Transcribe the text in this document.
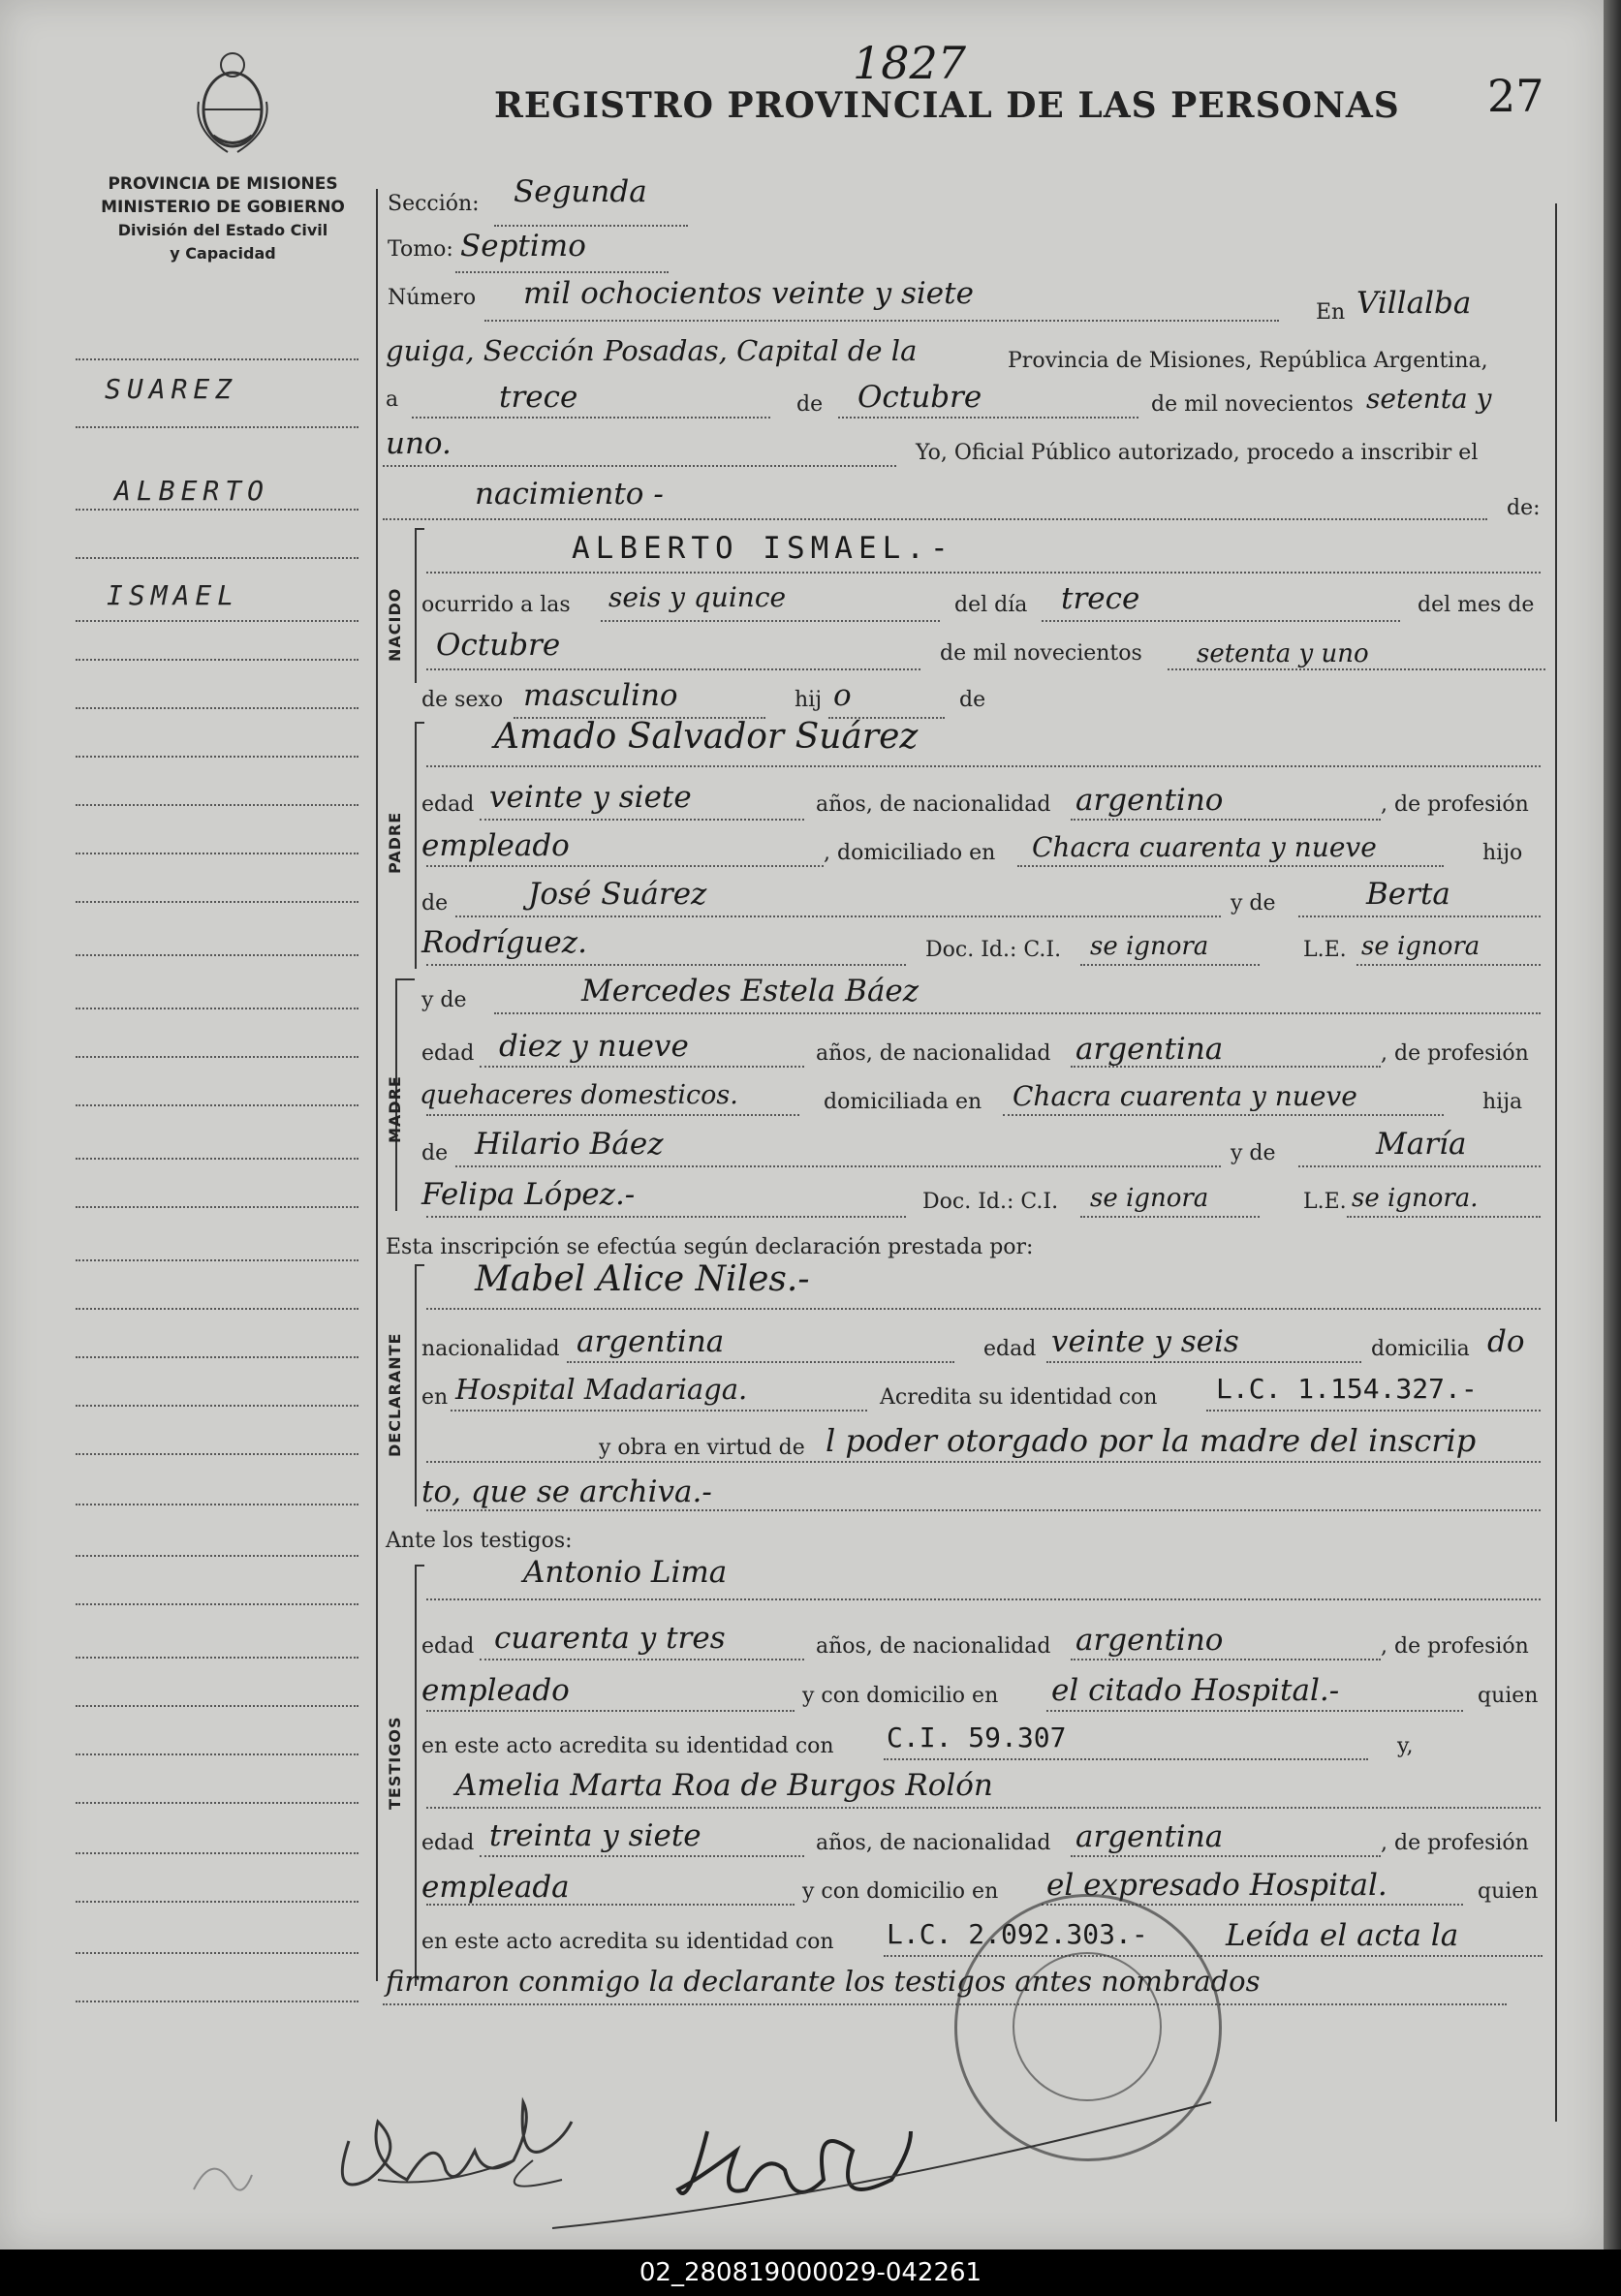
PROVINCIA DE MISIONES
MINISTERIO DE GOBIERNO
División del Estado Civil
y Capacidad
REGISTRO PROVINCIAL DE LAS PERSONAS
1827
27
SUAREZ
ALBERTO
ISMAEL
Sección: Segunda
Tomo: Septimo
Número mil ochocientos veinte y siete
En Villalba
guiga, Sección Posadas, Capital de la	Provincia de Misiones, República Argentina,
a	trece	de Octubre	de mil novecientos setenta y
uno.	Yo, Oficial Público autorizado, procedo a inscribir el
nacimiento -	de:
NACIDO
ALBERTO ISMAEL.-
ocurrido a las seis y quince	del día trece	del mes de
Octubre	de mil novecientos setenta y uno
de sexo masculino	hij o	de
PADRE
Amado Salvador Suárez
edad veinte y siete	años, de nacionalidad argentino	, de profesión
empleado	, domiciliado en Chacra cuarenta y nueve	hijo
de	José Suárez	y de	Berta
Rodríguez.	Doc. Id.: C.I. se ignora	L.E. se ignora
y de	Mercedes Estela Báez
MADRE
edad diez y nueve	años, de nacionalidad argentina	, de profesión
quehaceres domesticos.	domiciliada en Chacra cuarenta y nueve	hija
de Hilario Báez	y de	María
Felipa López.-	Doc. Id.: C.I. se ignora	L.E. se ignora.
Esta inscripción se efectúa según declaración prestada por:
DECLARANTE
Mabel Alice Niles.-
nacionalidad argentina	edad veinte y seis	domicilia do
en Hospital Madariaga.	Acredita su identidad con L.C. 1.154.327.-
y obra en virtud de l poder otorgado por la madre del inscrip
to, que se archiva.-
Ante los testigos:
TESTIGOS
Antonio Lima
edad cuarenta y tres	años, de nacionalidad argentino	, de profesión
empleado	y con domicilio en el citado Hospital.-	quien
en este acto acredita su identidad con C.I. 59.307	y,
Amelia Marta Roa de Burgos Rolón
edad treinta y siete	años, de nacionalidad argentina	, de profesión
empleada	y con domicilio en el expresado Hospital.	quien
en este acto acredita su identidad con L.C. 2.092.303.-	Leída el acta la
firmaron conmigo la declarante los testigos antes nombrados
02_280819000029-042261
